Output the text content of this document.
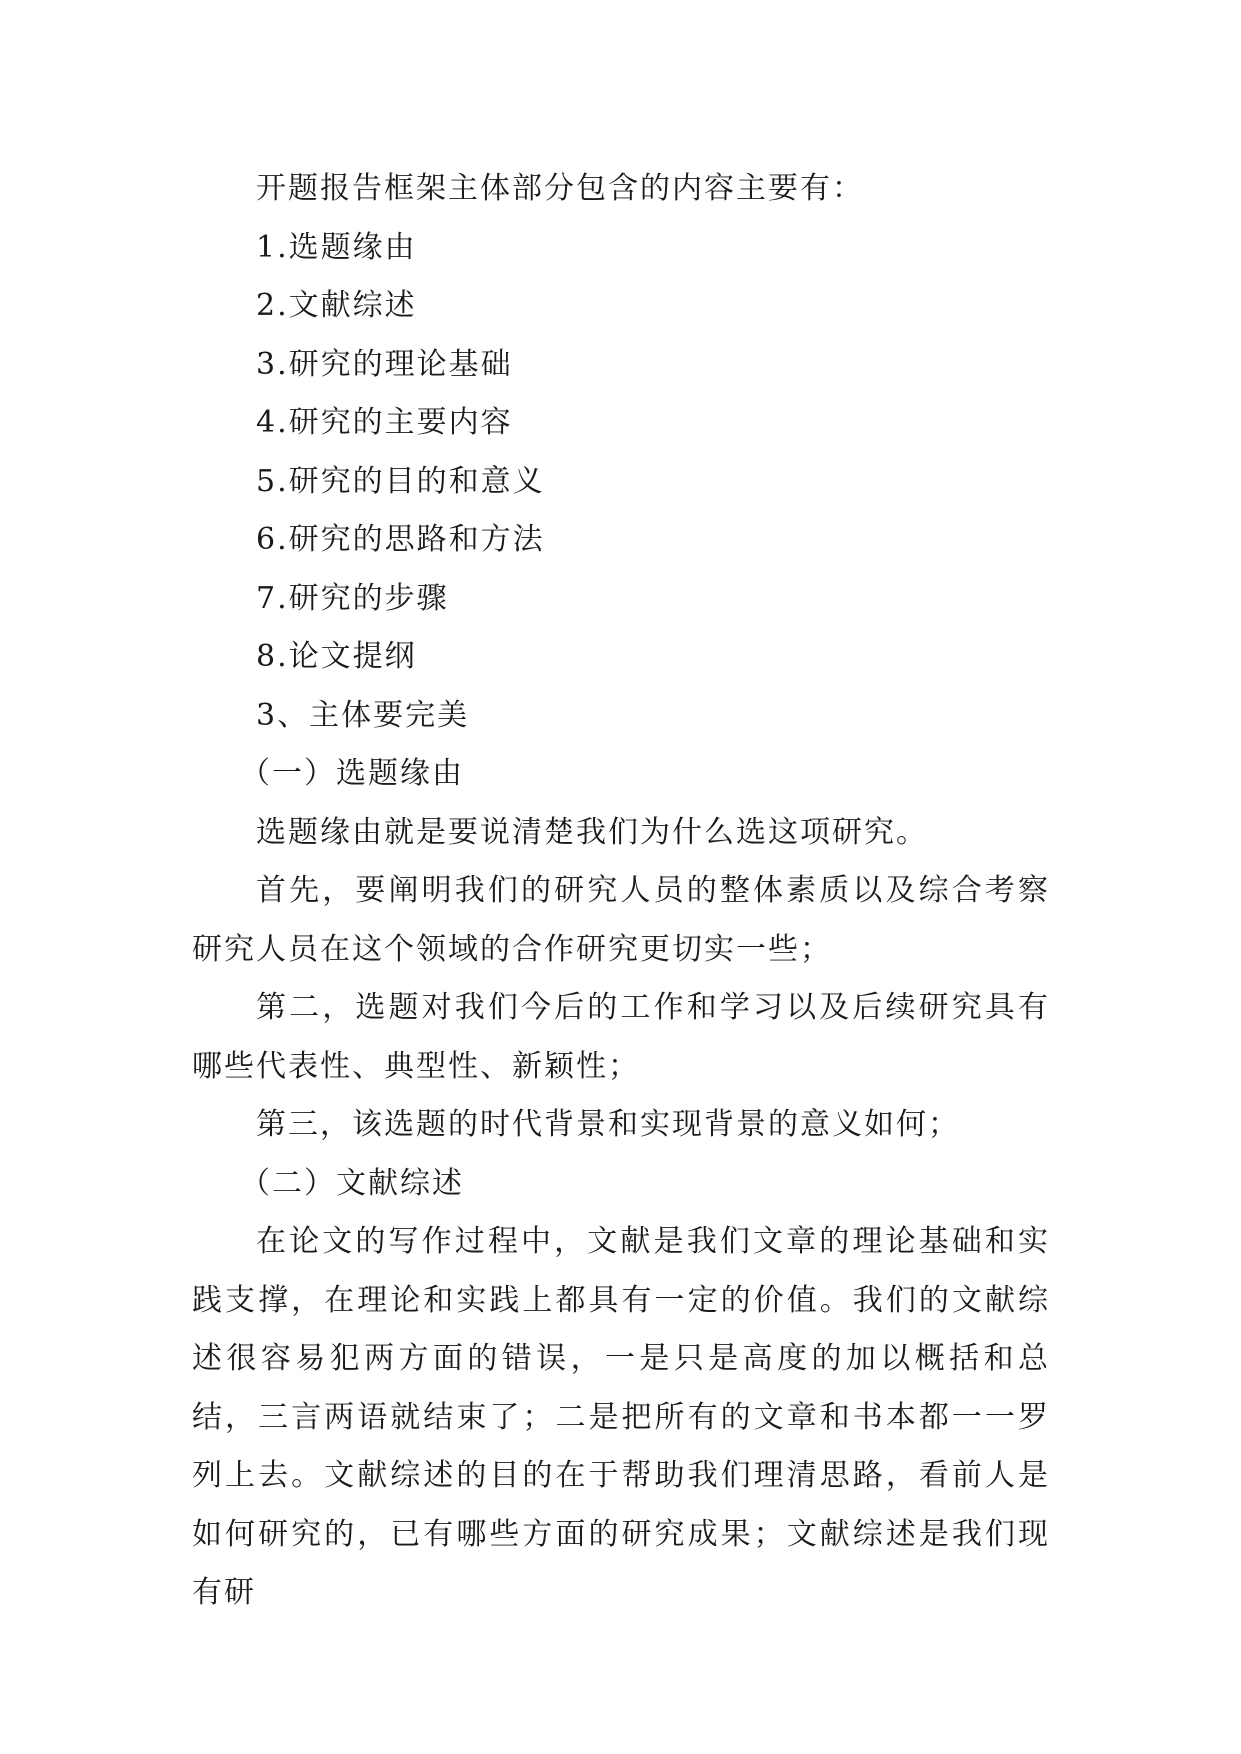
开题报告框架主体部分包含的内容主要有：

1.选题缘由

2.文献综述

3.研究的理论基础

4.研究的主要内容

5.研究的目的和意义

6.研究的思路和方法

7.研究的步骤

8.论文提纲

3、主体要完美

（一）选题缘由

选题缘由就是要说清楚我们为什么选这项研究。

首先，要阐明我们的研究人员的整体素质以及综合考察研究人员在这个领域的合作研究更切实一些；

第二，选题对我们今后的工作和学习以及后续研究具有哪些代表性、典型性、新颖性；

第三，该选题的时代背景和实现背景的意义如何；

（二）文献综述

在论文的写作过程中，文献是我们文章的理论基础和实践支撑，在理论和实践上都具有一定的价值。我们的文献综述很容易犯两方面的错误，一是只是高度的加以概括和总结，三言两语就结束了；二是把所有的文章和书本都一一罗列上去。文献综述的目的在于帮助我们理清思路，看前人是如何研究的，已有哪些方面的研究成果；文献综述是我们现有研
